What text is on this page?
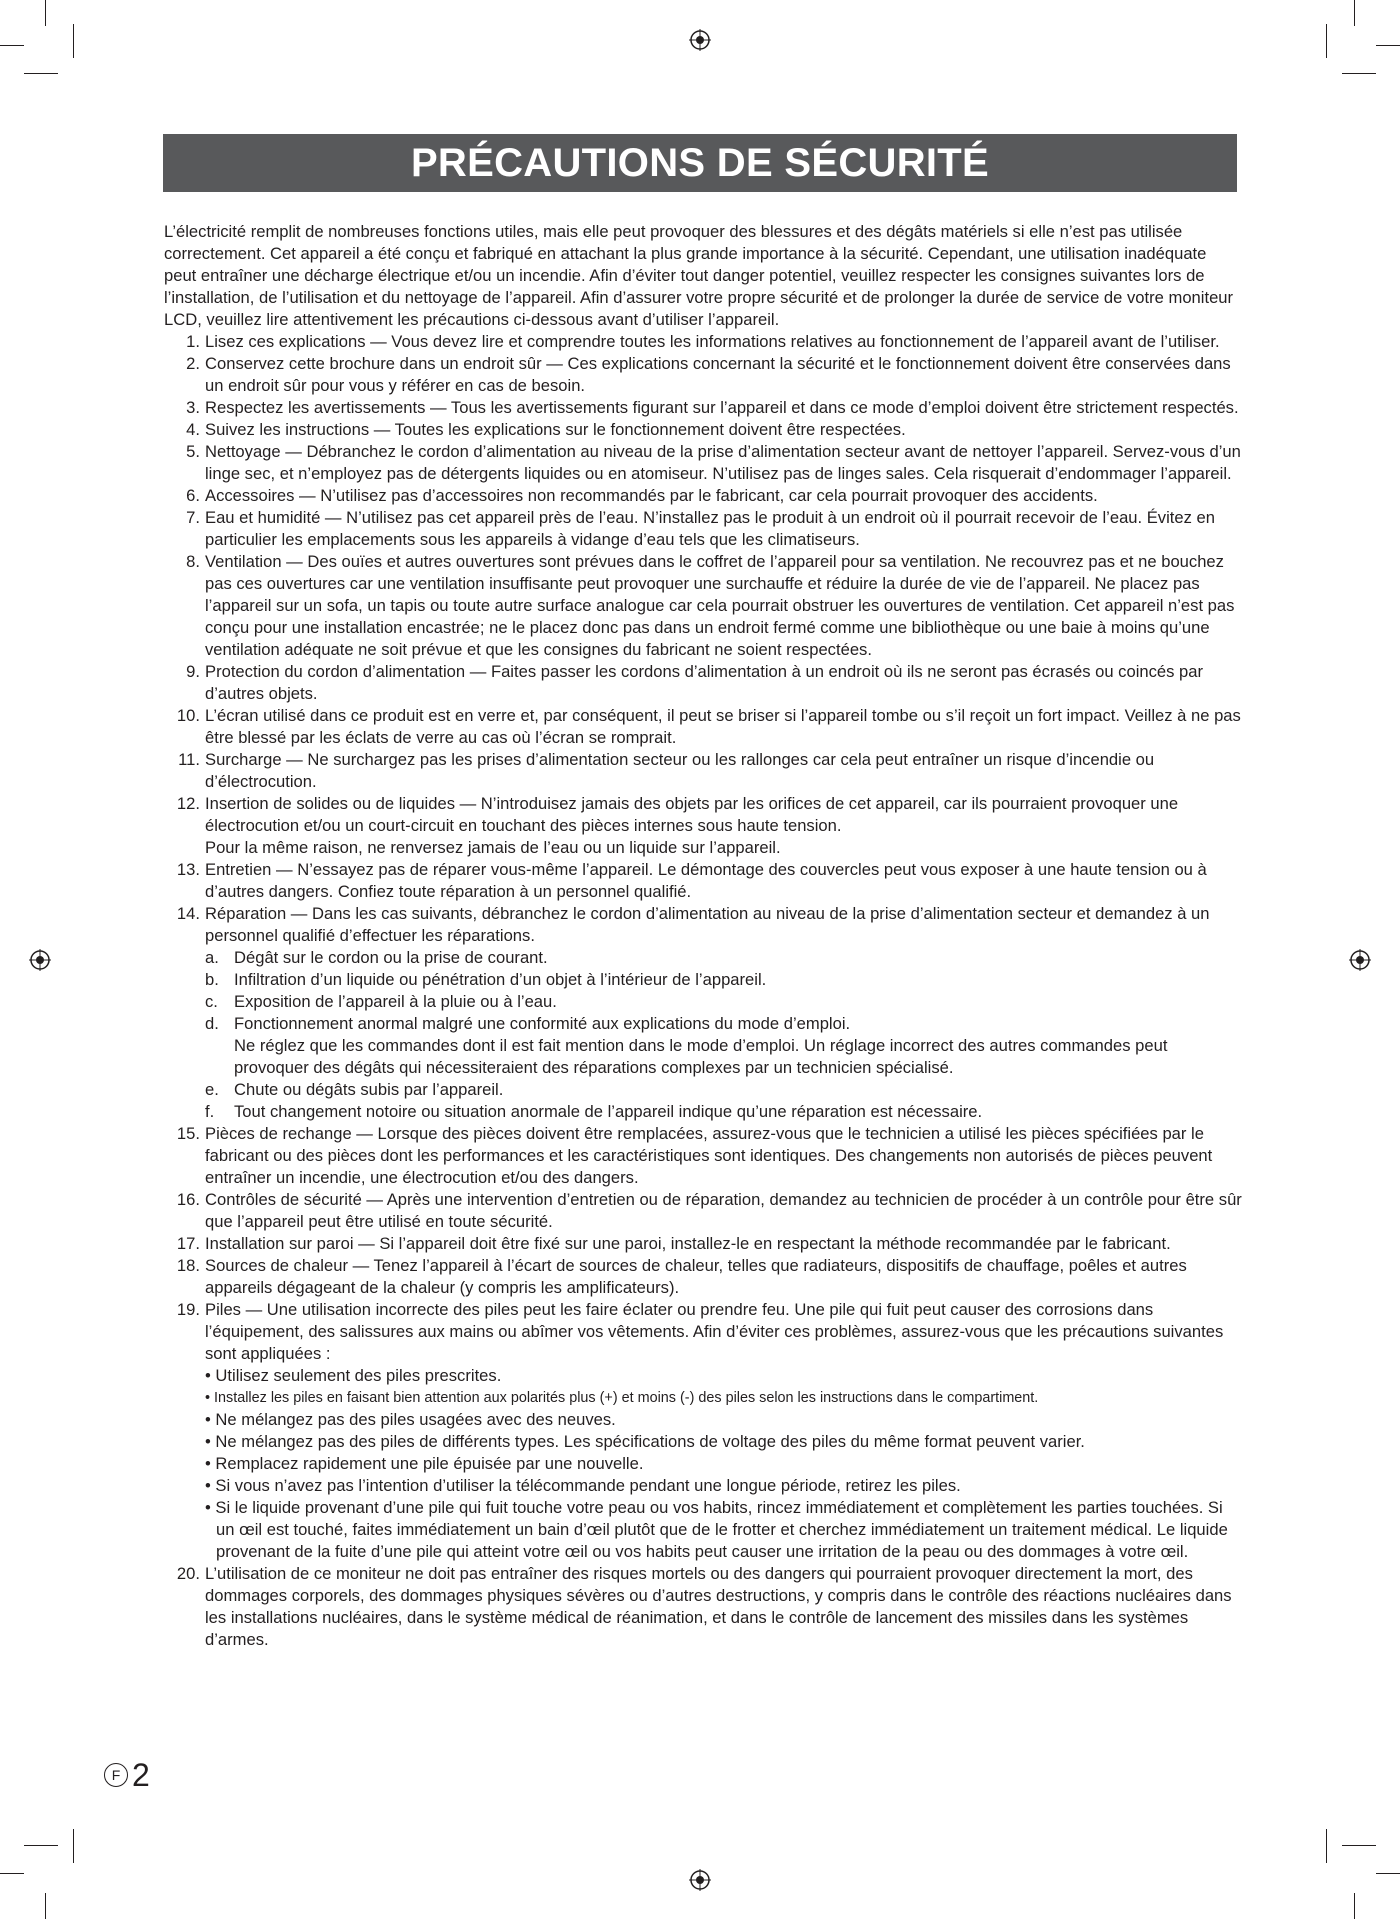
PRÉCAUTIONS DE SÉCURITÉ

L’électricité remplit de nombreuses fonctions utiles, mais elle peut provoquer des blessures et des dégâts matériels si elle n’est pas utilisée correctement. Cet appareil a été conçu et fabriqué en attachant la plus grande importance à la sécurité. Cependant, une utilisation inadéquate peut entraîner une décharge électrique et/ou un incendie. Afin d’éviter tout danger potentiel, veuillez respecter les consignes suivantes lors de l’installation, de l’utilisation et du nettoyage de l’appareil. Afin d’assurer votre propre sécurité et de prolonger la durée de service de votre moniteur LCD, veuillez lire attentivement les précautions ci-dessous avant d’utiliser l’appareil.

1. Lisez ces explications — Vous devez lire et comprendre toutes les informations relatives au fonctionnement de l’appareil avant de l’utiliser.
2. Conservez cette brochure dans un endroit sûr — Ces explications concernant la sécurité et le fonctionnement doivent être conservées dans un endroit sûr pour vous y référer en cas de besoin.
3. Respectez les avertissements — Tous les avertissements figurant sur l’appareil et dans ce mode d’emploi doivent être strictement respectés.
4. Suivez les instructions — Toutes les explications sur le fonctionnement doivent être respectées.
5. Nettoyage — Débranchez le cordon d’alimentation au niveau de la prise d’alimentation secteur avant de nettoyer l’appareil. Servez-vous d’un linge sec, et n’employez pas de détergents liquides ou en atomiseur. N’utilisez pas de linges sales. Cela risquerait d’endommager l’appareil.
6. Accessoires — N’utilisez pas d’accessoires non recommandés par le fabricant, car cela pourrait provoquer des accidents.
7. Eau et humidité — N’utilisez pas cet appareil près de l’eau. N’installez pas le produit à un endroit où il pourrait recevoir de l’eau. Évitez en particulier les emplacements sous les appareils à vidange d’eau tels que les climatiseurs.
8. Ventilation — Des ouïes et autres ouvertures sont prévues dans le coffret de l’appareil pour sa ventilation. Ne recouvrez pas et ne bouchez pas ces ouvertures car une ventilation insuffisante peut provoquer une surchauffe et réduire la durée de vie de l’appareil. Ne placez pas l’appareil sur un sofa, un tapis ou toute autre surface analogue car cela pourrait obstruer les ouvertures de ventilation. Cet appareil n’est pas conçu pour une installation encastrée; ne le placez donc pas dans un endroit fermé comme une bibliothèque ou une baie à moins qu’une ventilation adéquate ne soit prévue et que les consignes du fabricant ne soient respectées.
9. Protection du cordon d’alimentation — Faites passer les cordons d’alimentation à un endroit où ils ne seront pas écrasés ou coincés par d’autres objets.
10. L’écran utilisé dans ce produit est en verre et, par conséquent, il peut se briser si l’appareil tombe ou s’il reçoit un fort impact. Veillez à ne pas être blessé par les éclats de verre au cas où l’écran se romprait.
11. Surcharge — Ne surchargez pas les prises d’alimentation secteur ou les rallonges car cela peut entraîner un risque d’incendie ou d’électrocution.
12. Insertion de solides ou de liquides — N’introduisez jamais des objets par les orifices de cet appareil, car ils pourraient provoquer une électrocution et/ou un court-circuit en touchant des pièces internes sous haute tension.
Pour la même raison, ne renversez jamais de l’eau ou un liquide sur l’appareil.
13. Entretien — N’essayez pas de réparer vous-même l’appareil. Le démontage des couvercles peut vous exposer à une haute tension ou à d’autres dangers. Confiez toute réparation à un personnel qualifié.
14. Réparation — Dans les cas suivants, débranchez le cordon d’alimentation au niveau de la prise d’alimentation secteur et demandez à un personnel qualifié d’effectuer les réparations.
a. Dégât sur le cordon ou la prise de courant.
b. Infiltration d’un liquide ou pénétration d’un objet à l’intérieur de l’appareil.
c. Exposition de l’appareil à la pluie ou à l’eau.
d. Fonctionnement anormal malgré une conformité aux explications du mode d’emploi.
Ne réglez que les commandes dont il est fait mention dans le mode d’emploi. Un réglage incorrect des autres commandes peut provoquer des dégâts qui nécessiteraient des réparations complexes par un technicien spécialisé.
e. Chute ou dégâts subis par l’appareil.
f. Tout changement notoire ou situation anormale de l’appareil indique qu’une réparation est nécessaire.
15. Pièces de rechange — Lorsque des pièces doivent être remplacées, assurez-vous que le technicien a utilisé les pièces spécifiées par le fabricant ou des pièces dont les performances et les caractéristiques sont identiques. Des changements non autorisés de pièces peuvent entraîner un incendie, une électrocution et/ou des dangers.
16. Contrôles de sécurité — Après une intervention d’entretien ou de réparation, demandez au technicien de procéder à un contrôle pour être sûr que l’appareil peut être utilisé en toute sécurité.
17. Installation sur paroi — Si l’appareil doit être fixé sur une paroi, installez-le en respectant la méthode recommandée par le fabricant.
18. Sources de chaleur — Tenez l’appareil à l’écart de sources de chaleur, telles que radiateurs, dispositifs de chauffage, poêles et autres appareils dégageant de la chaleur (y compris les amplificateurs).
19. Piles — Une utilisation incorrecte des piles peut les faire éclater ou prendre feu. Une pile qui fuit peut causer des corrosions dans l’équipement, des salissures aux mains ou abîmer vos vêtements. Afin d’éviter ces problèmes, assurez-vous que les précautions suivantes sont appliquées :
• Utilisez seulement des piles prescrites.
• Installez les piles en faisant bien attention aux polarités plus (+) et moins (-) des piles selon les instructions dans le compartiment.
• Ne mélangez pas des piles usagées avec des neuves.
• Ne mélangez pas des piles de différents types. Les spécifications de voltage des piles du même format peuvent varier.
• Remplacez rapidement une pile épuisée par une nouvelle.
• Si vous n’avez pas l’intention d’utiliser la télécommande pendant une longue période, retirez les piles.
• Si le liquide provenant d’une pile qui fuit touche votre peau ou vos habits, rincez immédiatement et complètement les parties touchées. Si un œil est touché, faites immédiatement un bain d’œil plutôt que de le frotter et cherchez immédiatement un traitement médical. Le liquide provenant de la fuite d’une pile qui atteint votre œil ou vos habits peut causer une irritation de la peau ou des dommages à votre œil.
20. L’utilisation de ce moniteur ne doit pas entraîner des risques mortels ou des dangers qui pourraient provoquer directement la mort, des dommages corporels, des dommages physiques sévères ou d’autres destructions, y compris dans le contrôle des réactions nucléaires dans les installations nucléaires, dans le système médical de réanimation, et dans le contrôle de lancement des missiles dans les systèmes d’armes.
F 2
